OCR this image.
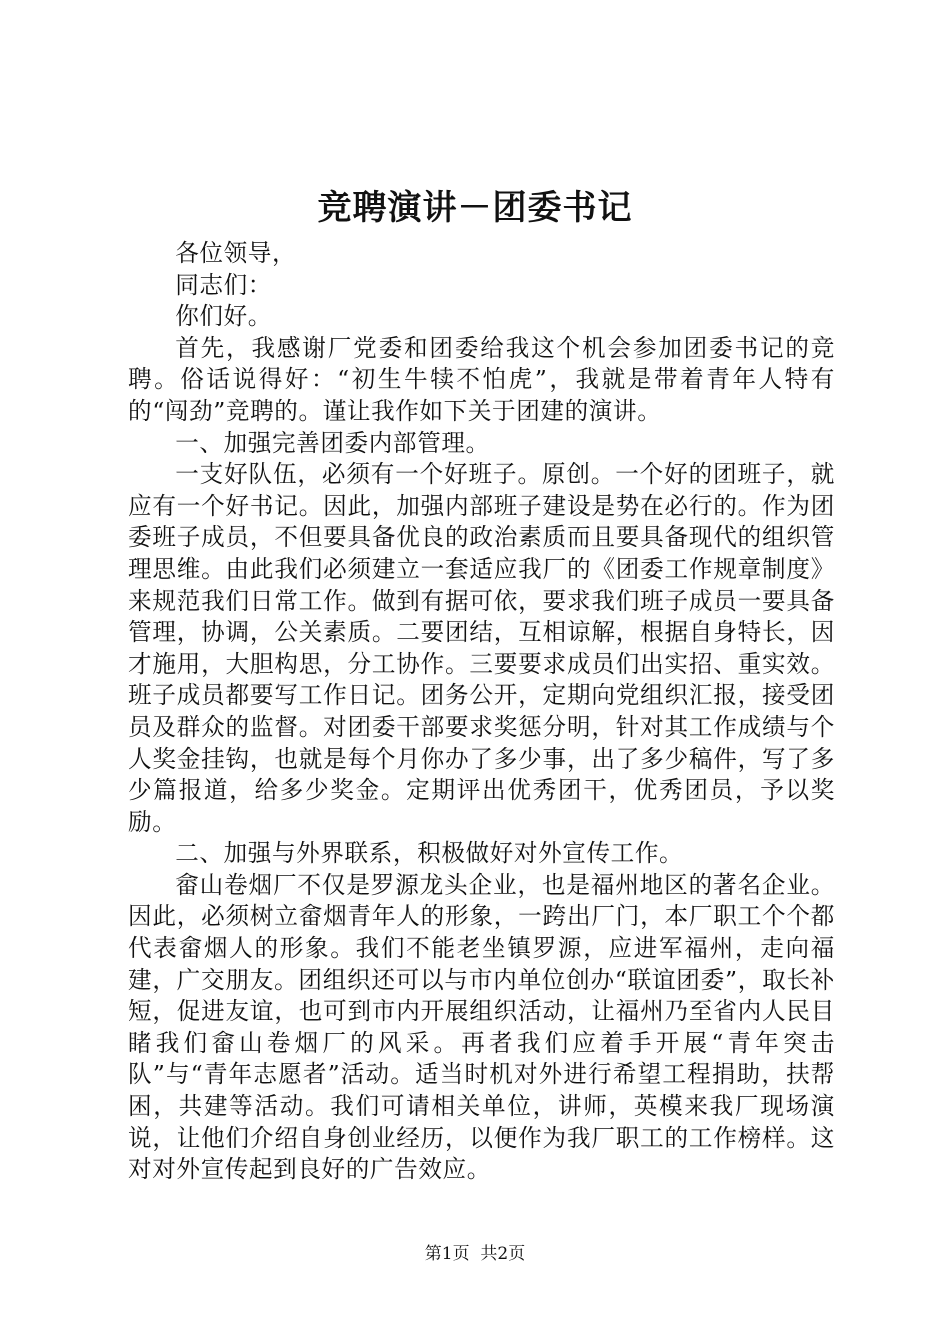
竞聘演讲－团委书记

各位领导，

同志们：

你们好。

首先，我感谢厂党委和团委给我这个机会参加团委书记的竞聘。俗话说得好：“初生牛犊不怕虎”，我就是带着青年人特有的“闯劲”竞聘的。谨让我作如下关于团建的演讲。

一、加强完善团委内部管理。

一支好队伍，必须有一个好班子。原创。一个好的团班子，就应有一个好书记。因此，加强内部班子建设是势在必行的。作为团委班子成员，不但要具备优良的政治素质而且要具备现代的组织管理思维。由此我们必须建立一套适应我厂的《团委工作规章制度》来规范我们日常工作。做到有据可依，要求我们班子成员一要具备管理，协调，公关素质。二要团结，互相谅解，根据自身特长，因才施用，大胆构思，分工协作。三要要求成员们出实招、重实效。班子成员都要写工作日记。团务公开，定期向党组织汇报，接受团员及群众的监督。对团委干部要求奖惩分明，针对其工作成绩与个人奖金挂钩，也就是每个月你办了多少事，出了多少稿件，写了多少篇报道，给多少奖金。定期评出优秀团干，优秀团员，予以奖励。

二、加强与外界联系，积极做好对外宣传工作。

畲山卷烟厂不仅是罗源龙头企业，也是福州地区的著名企业。因此，必须树立畲烟青年人的形象，一跨出厂门，本厂职工个个都代表畲烟人的形象。我们不能老坐镇罗源，应进军福州，走向福建，广交朋友。团组织还可以与市内单位创办“联谊团委”，取长补短，促进友谊，也可到市内开展组织活动，让福州乃至省内人民目睹我们畲山卷烟厂的风采。再者我们应着手开展“青年突击队”与“青年志愿者”活动。适当时机对外进行希望工程捐助，扶帮困，共建等活动。我们可请相关单位，讲师，英模来我厂现场演说，让他们介绍自身创业经历，以便作为我厂职工的工作榜样。这对对外宣传起到良好的广告效应。

第1页  共2页
